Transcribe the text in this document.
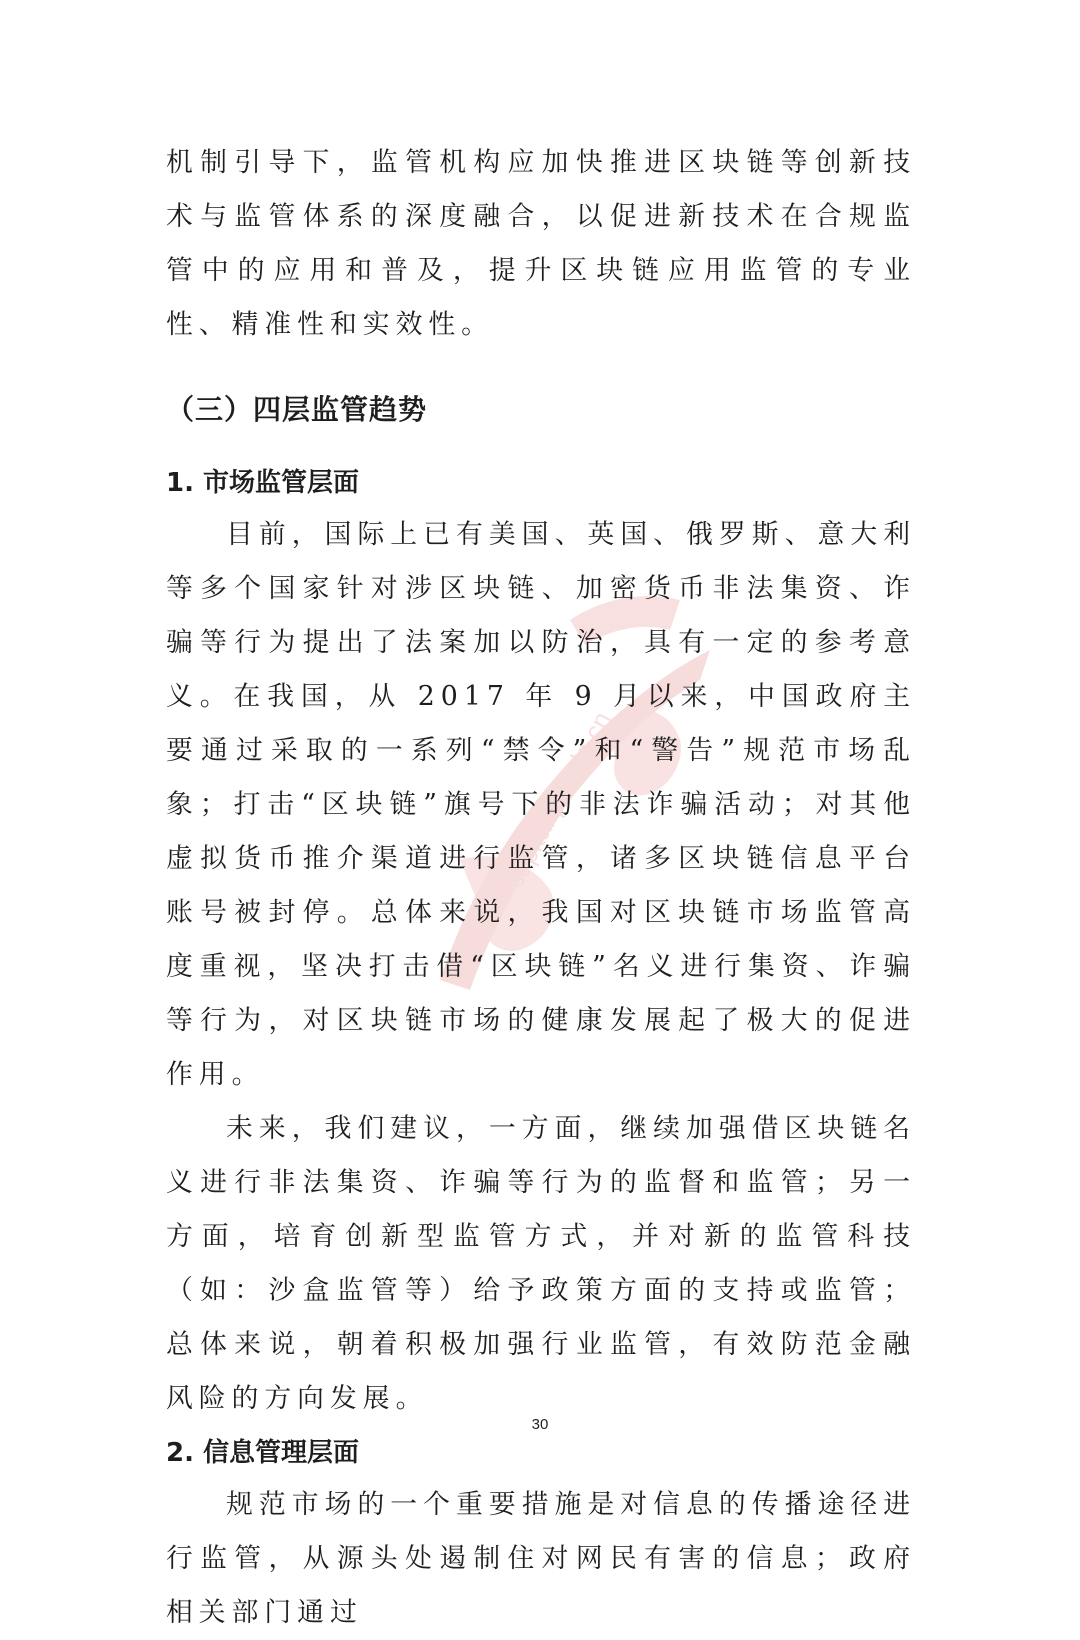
capital.people.cn

机制引导下，监管机构应加快推进区块链等创新技术与监管体系的深度融合，以促进新技术在合规监管中的应用和普及，提升区块链应用监管的专业性、精准性和实效性。

（三）四层监管趋势
1. 市场监管层面

目前，国际上已有美国、英国、俄罗斯、意大利等多个国家针对涉区块链、加密货币非法集资、诈骗等行为提出了法案加以防治，具有一定的参考意义。在我国，从 2017 年 9 月以来，中国政府主要通过采取的一系列“禁令”和“警告”规范市场乱象；打击“区块链”旗号下的非法诈骗活动；对其他虚拟货币推介渠道进行监管，诸多区块链信息平台账号被封停。总体来说，我国对区块链市场监管高度重视，坚决打击借“区块链”名义进行集资、诈骗等行为，对区块链市场的健康发展起了极大的促进作用。

未来，我们建议，一方面，继续加强借区块链名义进行非法集资、诈骗等行为的监督和监管；另一方面，培育创新型监管方式，并对新的监管科技（如：沙盒监管等）给予政策方面的支持或监管；总体来说，朝着积极加强行业监管，有效防范金融风险的方向发展。

2. 信息管理层面

规范市场的一个重要措施是对信息的传播途径进行监管，从源头处遏制住对网民有害的信息；政府相关部门通过

30
